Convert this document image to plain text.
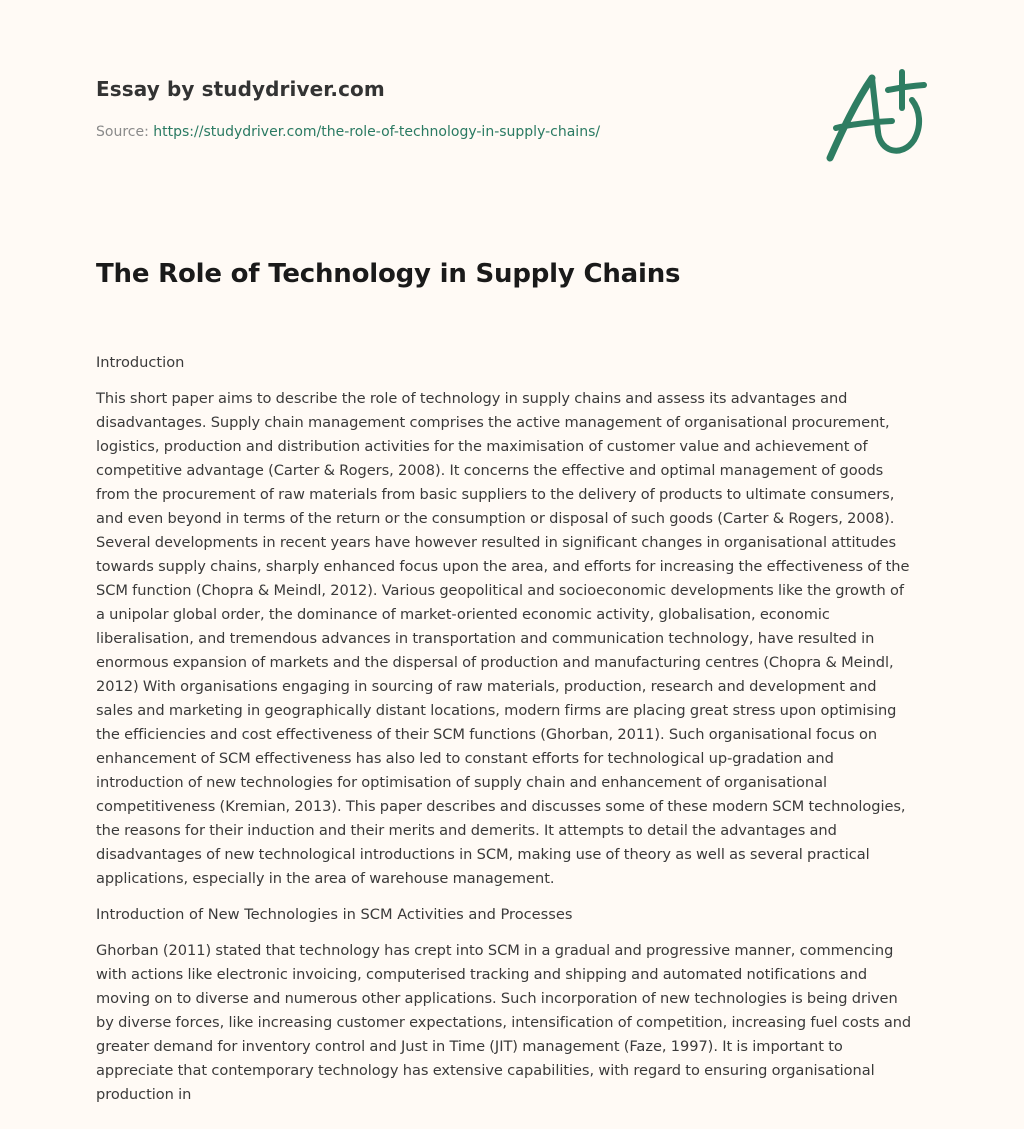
Essay by studydriver.com
Source: https://studydriver.com/the-role-of-technology-in-supply-chains/
The Role of Technology in Supply Chains

Introduction

This short paper aims to describe the role of technology in supply chains and assess its advantages and
disadvantages. Supply chain management comprises the active management of organisational procurement,
logistics, production and distribution activities for the maximisation of customer value and achievement of
competitive advantage (Carter & Rogers, 2008). It concerns the effective and optimal management of goods
from the procurement of raw materials from basic suppliers to the delivery of products to ultimate consumers,
and even beyond in terms of the return or the consumption or disposal of such goods (Carter & Rogers, 2008).
Several developments in recent years have however resulted in significant changes in organisational attitudes
towards supply chains, sharply enhanced focus upon the area, and efforts for increasing the effectiveness of the
SCM function (Chopra & Meindl, 2012). Various geopolitical and socioeconomic developments like the growth of
a unipolar global order, the dominance of market-oriented economic activity, globalisation, economic
liberalisation, and tremendous advances in transportation and communication technology, have resulted in
enormous expansion of markets and the dispersal of production and manufacturing centres (Chopra & Meindl,
2012) With organisations engaging in sourcing of raw materials, production, research and development and
sales and marketing in geographically distant locations, modern firms are placing great stress upon optimising
the efficiencies and cost effectiveness of their SCM functions (Ghorban, 2011). Such organisational focus on
enhancement of SCM effectiveness has also led to constant efforts for technological up-gradation and
introduction of new technologies for optimisation of supply chain and enhancement of organisational
competitiveness (Kremian, 2013). This paper describes and discusses some of these modern SCM technologies,
the reasons for their induction and their merits and demerits. It attempts to detail the advantages and
disadvantages of new technological introductions in SCM, making use of theory as well as several practical
applications, especially in the area of warehouse management.

Introduction of New Technologies in SCM Activities and Processes

Ghorban (2011) stated that technology has crept into SCM in a gradual and progressive manner, commencing
with actions like electronic invoicing, computerised tracking and shipping and automated notifications and
moving on to diverse and numerous other applications. Such incorporation of new technologies is being driven
by diverse forces, like increasing customer expectations, intensification of competition, increasing fuel costs and
greater demand for inventory control and Just in Time (JIT) management (Faze, 1997). It is important to
appreciate that contemporary technology has extensive capabilities, with regard to ensuring organisational
production in
